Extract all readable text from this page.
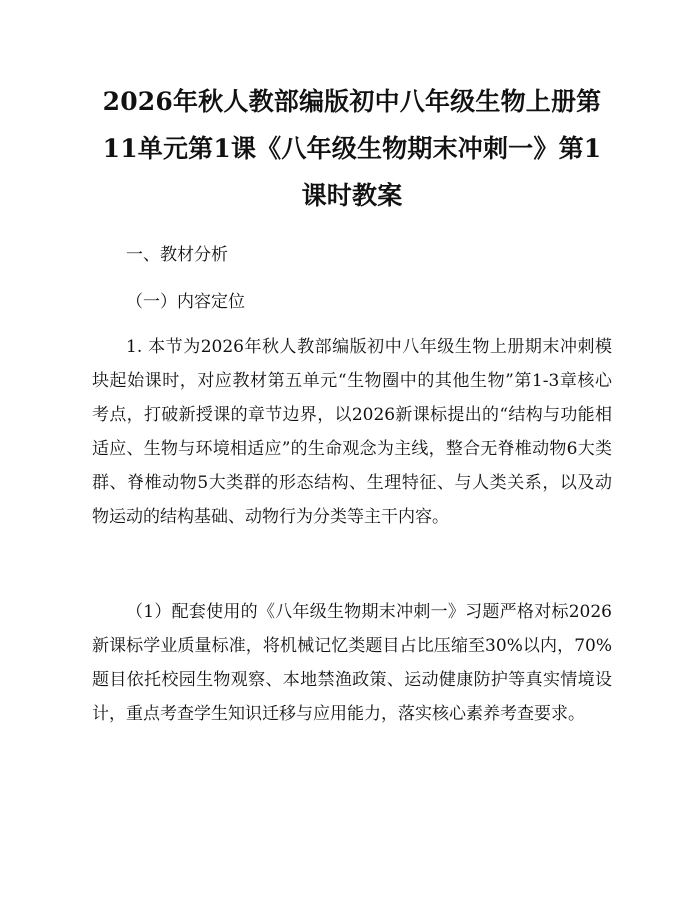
2026年秋人教部编版初中八年级生物上册第11单元第1课《八年级生物期末冲刺一》第1课时教案
一、教材分析
（一）内容定位

1. 本节为2026年秋人教部编版初中八年级生物上册期末冲刺模块起始课时，对应教材第五单元“生物圈中的其他生物”第1-3章核心考点，打破新授课的章节边界，以2026新课标提出的“结构与功能相适应、生物与环境相适应”的生命观念为主线，整合无脊椎动物6大类群、脊椎动物5大类群的形态结构、生理特征、与人类关系，以及动物运动的结构基础、动物行为分类等主干内容。

（1）配套使用的《八年级生物期末冲刺一》习题严格对标2026新课标学业质量标准，将机械记忆类题目占比压缩至30%以内，70%题目依托校园生物观察、本地禁渔政策、运动健康防护等真实情境设计，重点考查学生知识迁移与应用能力，落实核心素养考查要求。
